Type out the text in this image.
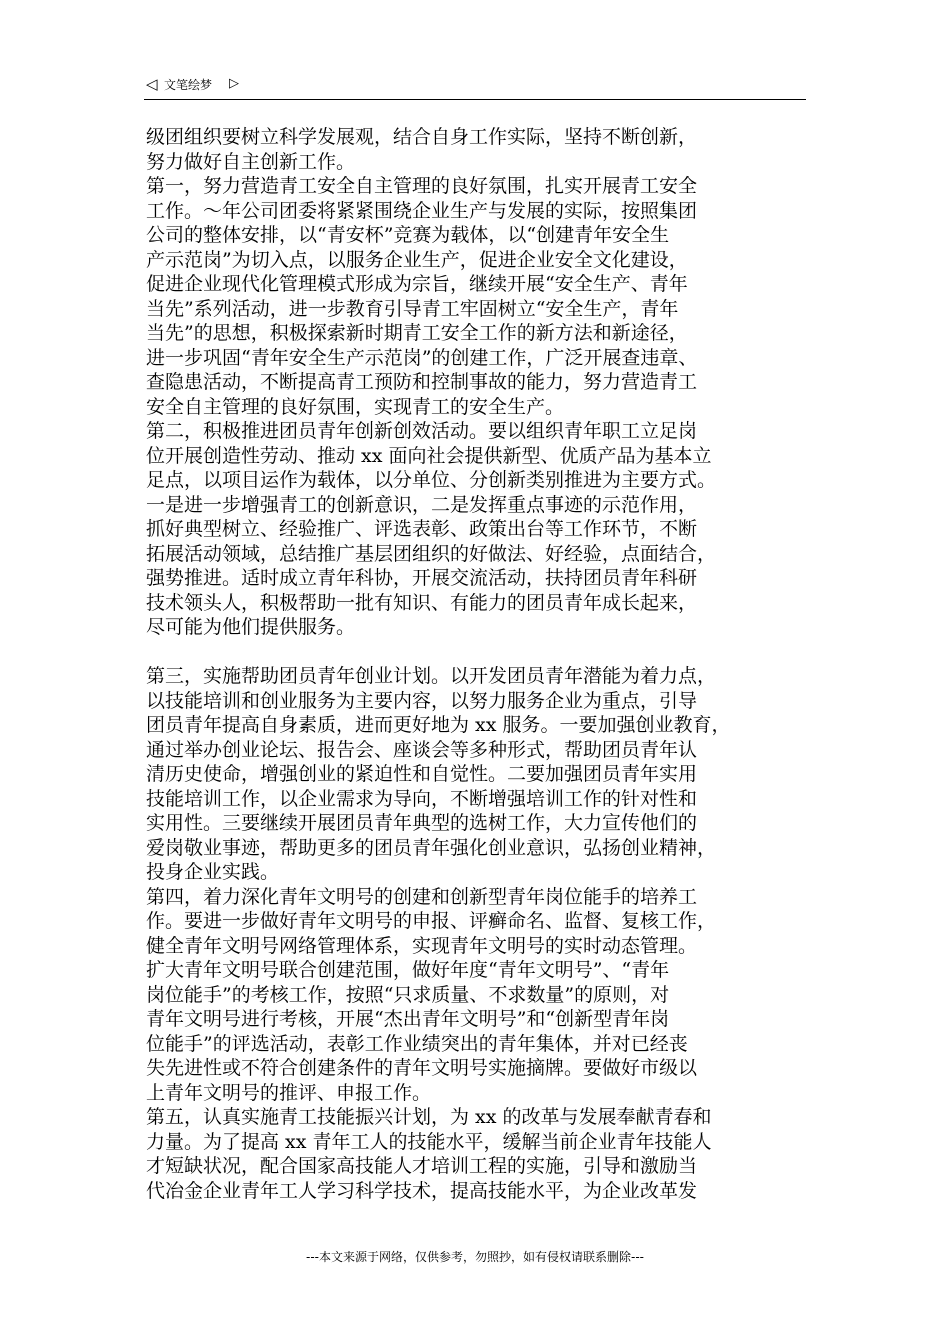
◁ 文笔绘梦 ▷

级团组织要树立科学发展观，结合自身工作实际，坚持不断创新，
努力做好自主创新工作。

第一，努力营造青工安全自主管理的良好氛围，扎实开展青工安全
工作。～年公司团委将紧紧围绕企业生产与发展的实际，按照集团
公司的整体安排，以“青安杯”竞赛为载体，以“创建青年安全生
产示范岗”为切入点，以服务企业生产，促进企业安全文化建设，
促进企业现代化管理模式形成为宗旨，继续开展“安全生产、青年
当先”系列活动，进一步教育引导青工牢固树立“安全生产，青年
当先”的思想，积极探索新时期青工安全工作的新方法和新途径，
进一步巩固“青年安全生产示范岗”的创建工作，广泛开展查违章、
查隐患活动，不断提高青工预防和控制事故的能力，努力营造青工
安全自主管理的良好氛围，实现青工的安全生产。

第二，积极推进团员青年创新创效活动。要以组织青年职工立足岗
位开展创造性劳动、推动 xx 面向社会提供新型、优质产品为基本立
足点，以项目运作为载体，以分单位、分创新类别推进为主要方式。
一是进一步增强青工的创新意识，二是发挥重点事迹的示范作用，
抓好典型树立、经验推广、评选表彰、政策出台等工作环节，不断
拓展活动领域，总结推广基层团组织的好做法、好经验，点面结合，
强势推进。适时成立青年科协，开展交流活动，扶持团员青年科研
技术领头人，积极帮助一批有知识、有能力的团员青年成长起来，
尽可能为他们提供服务。

第三，实施帮助团员青年创业计划。以开发团员青年潜能为着力点，
以技能培训和创业服务为主要内容，以努力服务企业为重点，引导
团员青年提高自身素质，进而更好地为 xx 服务。一要加强创业教育，
通过举办创业论坛、报告会、座谈会等多种形式，帮助团员青年认
清历史使命，增强创业的紧迫性和自觉性。二要加强团员青年实用
技能培训工作，以企业需求为导向，不断增强培训工作的针对性和
实用性。三要继续开展团员青年典型的选树工作，大力宣传他们的
爱岗敬业事迹，帮助更多的团员青年强化创业意识，弘扬创业精神，
投身企业实践。

第四，着力深化青年文明号的创建和创新型青年岗位能手的培养工
作。要进一步做好青年文明号的申报、评癣命名、监督、复核工作，
健全青年文明号网络管理体系，实现青年文明号的实时动态管理。
扩大青年文明号联合创建范围，做好年度“青年文明号”、“青年
岗位能手”的考核工作，按照“只求质量、不求数量”的原则，对
青年文明号进行考核，开展“杰出青年文明号”和“创新型青年岗
位能手”的评选活动，表彰工作业绩突出的青年集体，并对已经丧
失先进性或不符合创建条件的青年文明号实施摘牌。要做好市级以
上青年文明号的推评、申报工作。

第五，认真实施青工技能振兴计划，为 xx 的改革与发展奉献青春和
力量。为了提高 xx 青年工人的技能水平，缓解当前企业青年技能人
才短缺状况，配合国家高技能人才培训工程的实施，引导和激励当
代冶金企业青年工人学习科学技术，提高技能水平，为企业改革发

---本文来源于网络，仅供参考，勿照抄，如有侵权请联系删除---
